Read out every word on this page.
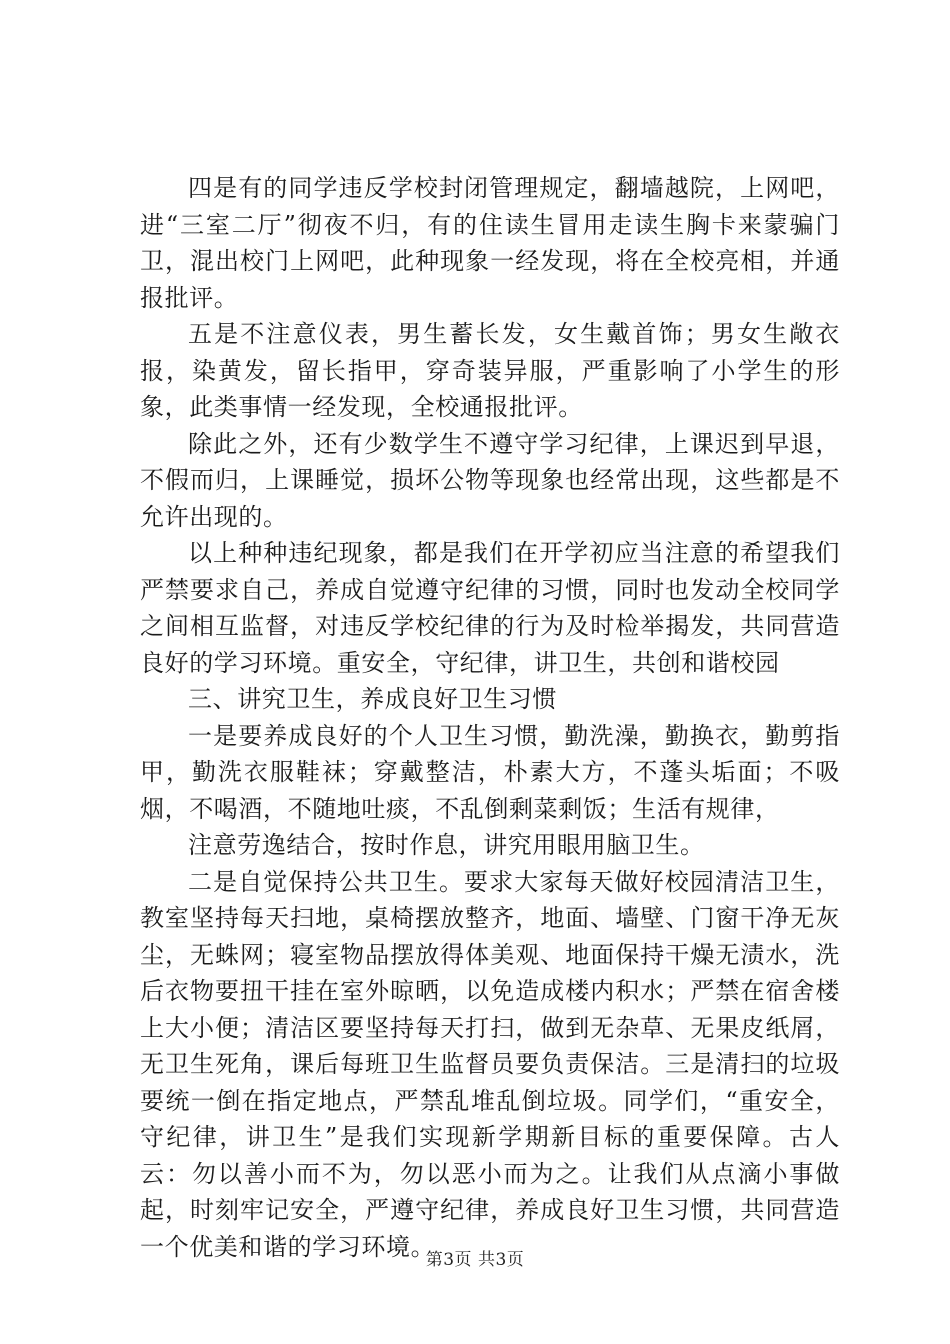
四是有的同学违反学校封闭管理规定，翻墙越院，上网吧，进“三室二厅”彻夜不归，有的住读生冒用走读生胸卡来蒙骗门卫，混出校门上网吧，此种现象一经发现，将在全校亮相，并通报批评。

五是不注意仪表，男生蓄长发，女生戴首饰；男女生敞衣报，染黄发，留长指甲，穿奇装异服，严重影响了小学生的形象，此类事情一经发现，全校通报批评。

除此之外，还有少数学生不遵守学习纪律，上课迟到早退，不假而归，上课睡觉，损坏公物等现象也经常出现，这些都是不允许出现的。

以上种种违纪现象，都是我们在开学初应当注意的希望我们严禁要求自己，养成自觉遵守纪律的习惯，同时也发动全校同学之间相互监督，对违反学校纪律的行为及时检举揭发，共同营造良好的学习环境。重安全，守纪律，讲卫生，共创和谐校园

三、讲究卫生，养成良好卫生习惯

一是要养成良好的个人卫生习惯，勤洗澡，勤换衣，勤剪指甲，勤洗衣服鞋袜；穿戴整洁，朴素大方，不蓬头垢面；不吸烟，不喝酒，不随地吐痰，不乱倒剩菜剩饭；生活有规律，

注意劳逸结合，按时作息，讲究用眼用脑卫生。

二是自觉保持公共卫生。要求大家每天做好校园清洁卫生，教室坚持每天扫地，桌椅摆放整齐，地面、墙壁、门窗干净无灰尘，无蛛网；寝室物品摆放得体美观、地面保持干燥无渍水，洗后衣物要扭干挂在室外晾晒，以免造成楼内积水；严禁在宿舍楼上大小便；清洁区要坚持每天打扫，做到无杂草、无果皮纸屑，无卫生死角，课后每班卫生监督员要负责保洁。三是清扫的垃圾要统一倒在指定地点，严禁乱堆乱倒垃圾。同学们，“重安全，守纪律，讲卫生”是我们实现新学期新目标的重要保障。古人云：勿以善小而不为，勿以恶小而为之。让我们从点滴小事做起，时刻牢记安全，严遵守纪律，养成良好卫生习惯，共同营造一个优美和谐的学习环境。

第3页 共3页
